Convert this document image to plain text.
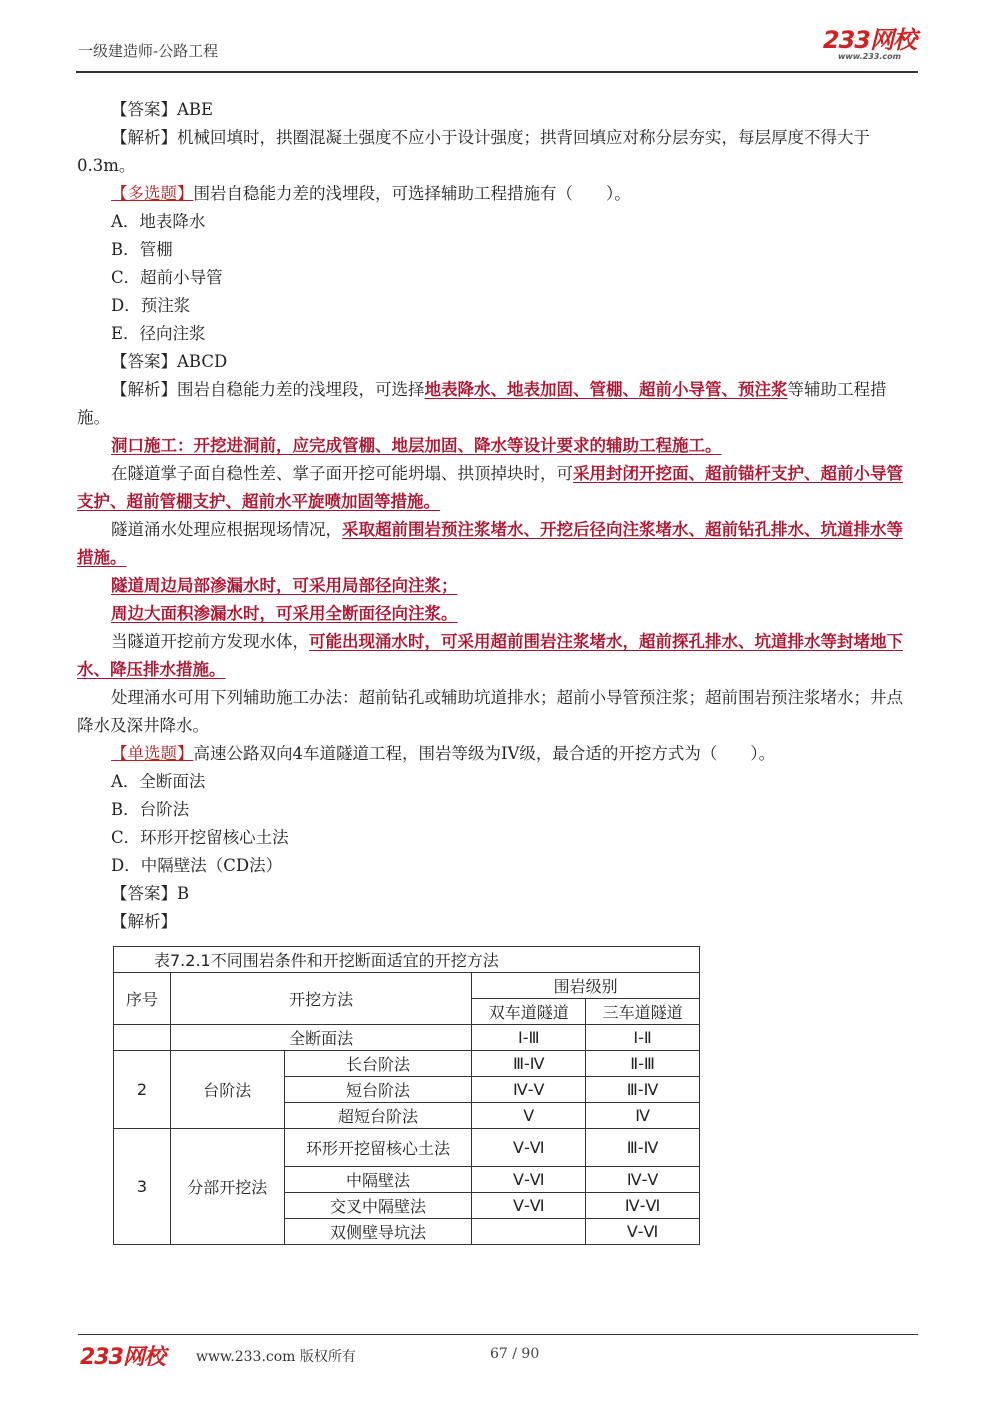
一级建造师-公路工程	233网校
www.233.com

【答案】ABE

【解析】机械回填时，拱圈混凝土强度不应小于设计强度；拱背回填应对称分层夯实，每层厚度不得大于0.3m。

【多选题】围岩自稳能力差的浅埋段，可选择辅助工程措施有（　　）。

A．地表降水

B．管棚

C．超前小导管

D．预注浆

E．径向注浆

【答案】ABCD

【解析】围岩自稳能力差的浅埋段，可选择地表降水、地表加固、管棚、超前小导管、预注浆等辅助工程措施。

洞口施工：开挖进洞前，应完成管棚、地层加固、降水等设计要求的辅助工程施工。

在隧道掌子面自稳性差、掌子面开挖可能坍塌、拱顶掉块时，可采用封闭开挖面、超前锚杆支护、超前小导管支护、超前管棚支护、超前水平旋喷加固等措施。

隧道涌水处理应根据现场情况，采取超前围岩预注浆堵水、开挖后径向注浆堵水、超前钻孔排水、坑道排水等措施。

隧道周边局部渗漏水时，可采用局部径向注浆；

周边大面积渗漏水时，可采用全断面径向注浆。

当隧道开挖前方发现水体，可能出现涌水时，可采用超前围岩注浆堵水，超前探孔排水、坑道排水等封堵地下水、降压排水措施。

处理涌水可用下列辅助施工办法：超前钻孔或辅助坑道排水；超前小导管预注浆；超前围岩预注浆堵水；井点降水及深井降水。

【单选题】高速公路双向4车道隧道工程，围岩等级为IV级，最合适的开挖方式为（　　）。

A．全断面法

B．台阶法

C．环形开挖留核心土法

D．中隔壁法（CD法）

【答案】B

【解析】

表7.2.1不同围岩条件和开挖断面适宜的开挖方法				
序号	开挖方法		围岩级别	
			双车道隧道	三车道隧道
	全断面法		Ⅰ-Ⅲ	Ⅰ-Ⅱ
2	台阶法	长台阶法	Ⅲ-Ⅳ	Ⅱ-Ⅲ
		短台阶法	Ⅳ-Ⅴ	Ⅲ-Ⅳ
		超短台阶法	Ⅴ	Ⅳ
3	分部开挖法	环形开挖留核心土法	Ⅴ-Ⅵ	Ⅲ-Ⅳ
		中隔壁法	Ⅴ-Ⅵ	Ⅳ-Ⅴ
		交叉中隔壁法	Ⅴ-Ⅵ	Ⅳ-Ⅵ
		双侧壁导坑法		Ⅴ-Ⅵ
233网校 www.233.com 版权所有	67 / 90
